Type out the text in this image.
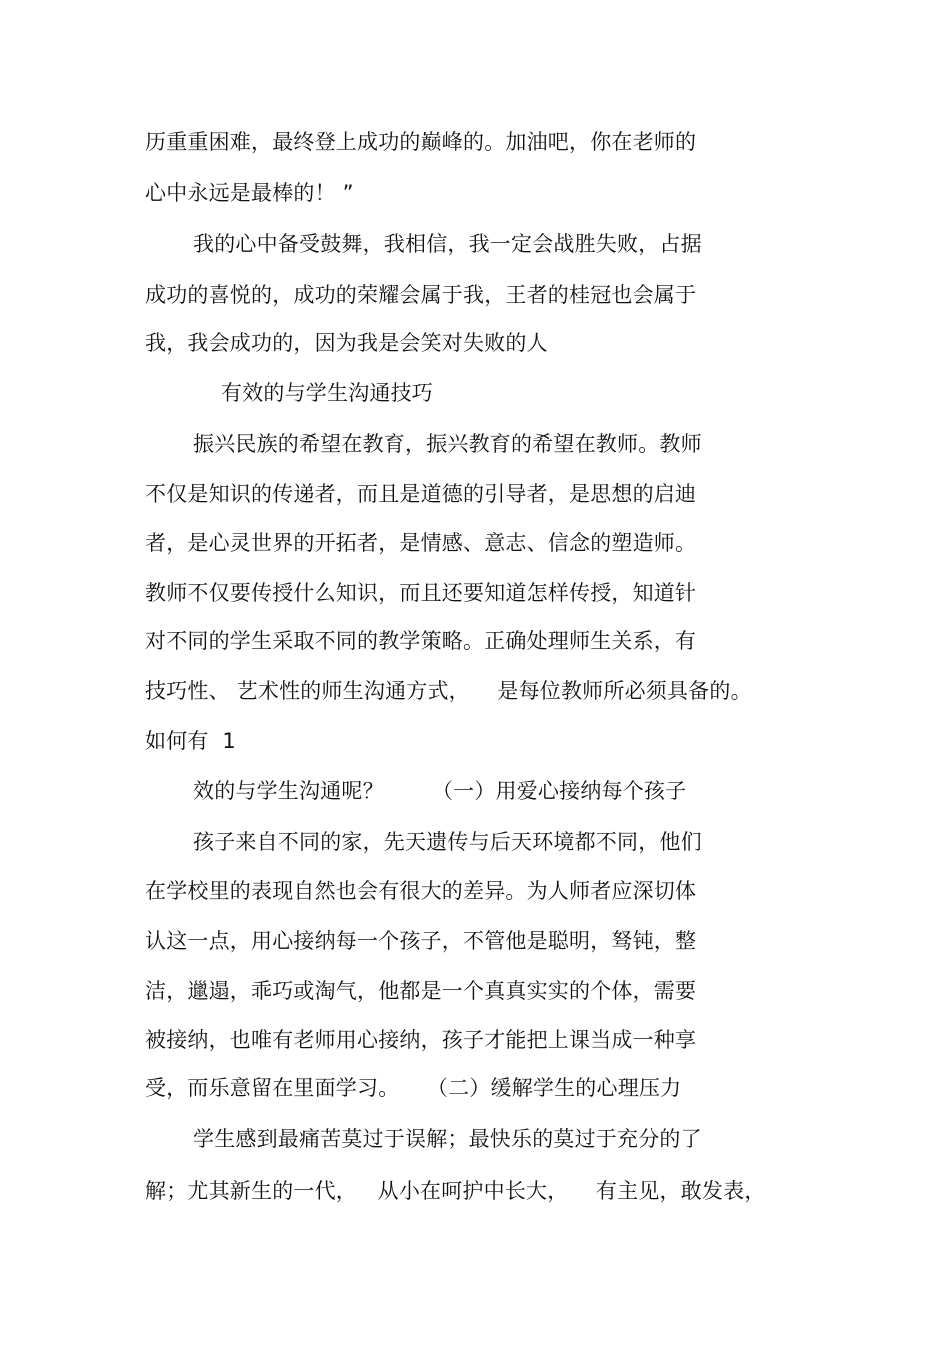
历重重困难，最终登上成功的巅峰的。加油吧，你在老师的
心中永远是最棒的！ ”
我的心中备受鼓舞，我相信，我一定会战胜失败，占据
成功的喜悦的，成功的荣耀会属于我，王者的桂冠也会属于
我，我会成功的，因为我是会笑对失败的人
有效的与学生沟通技巧
振兴民族的希望在教育，振兴教育的希望在教师。教师
不仅是知识的传递者，而且是道德的引导者，是思想的启迪
者，是心灵世界的开拓者，是情感、意志、信念的塑造师。
教师不仅要传授什么知识，而且还要知道怎样传授，知道针
对不同的学生采取不同的教学策略。正确处理师生关系，有
技巧性、 艺术性的师生沟通方式，    是每位教师所必须具备的。
如何有  1
效的与学生沟通呢？       （一）用爱心接纳每个孩子
孩子来自不同的家，先天遗传与后天环境都不同，他们
在学校里的表现自然也会有很大的差异。为人师者应深切体
认这一点，用心接纳每一个孩子，不管他是聪明，驽钝，整
洁，邋遢，乖巧或淘气，他都是一个真真实实的个体，需要
被接纳，也唯有老师用心接纳，孩子才能把上课当成一种享
受，而乐意留在里面学习。    （二）缓解学生的心理压力
学生感到最痛苦莫过于误解；最快乐的莫过于充分的了
解；尤其新生的一代，   从小在呵护中长大，    有主见，敢发表，
